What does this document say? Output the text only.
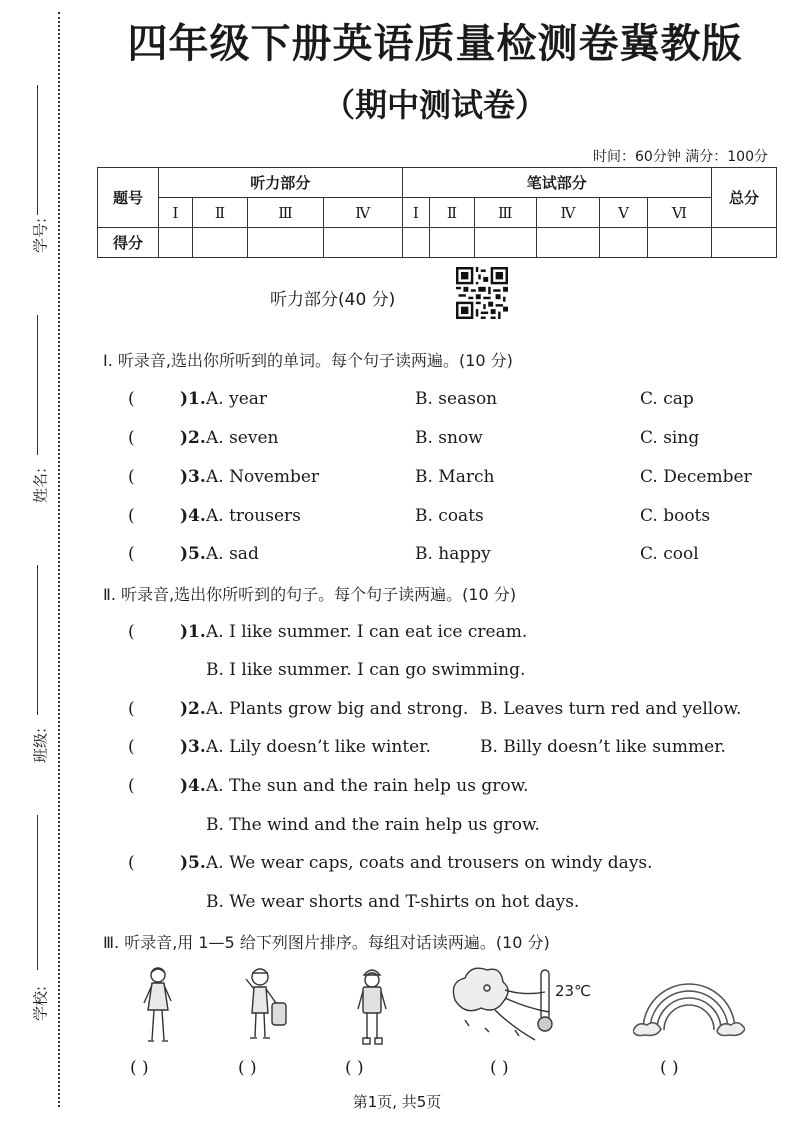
学号:
姓名:
班级:
学校:
四年级下册英语质量检测卷冀教版
（期中测试卷）
时间：60分钟 满分：100分
题号	听力部分				笔试部分						总分
	Ⅰ	Ⅱ	Ⅲ	Ⅳ	Ⅰ	Ⅱ	Ⅲ	Ⅳ	Ⅴ	Ⅵ	
得分											
听力部分(40 分)
Ⅰ. 听录音,选出你所听到的单词。每个句子读两遍。(10 分)
(	)1. A. year	B. season	C. cap
(	)2. A. seven	B. snow	C. sing
(	)3. A. November	B. March	C. December
(	)4. A. trousers	B. coats	C. boots
(	)5. A. sad	B. happy	C. cool
Ⅱ. 听录音,选出你所听到的句子。每个句子读两遍。(10 分)
(	)1. A. I like summer. I can eat ice cream.
B. I like summer. I can go swimming.
(	)2. A. Plants grow big and strong. B. Leaves turn red and yellow.
(	)3. A. Lily doesn’t like winter.	B. Billy doesn’t like summer.
(	)4. A. The sun and the rain help us grow.
B. The wind and the rain help us grow.
(	)5. A. We wear caps, coats and trousers on windy days.
B. We wear shorts and T-shirts on hot days.
Ⅲ. 听录音,用 1—5 给下列图片排序。每组对话读两遍。(10 分)
23℃
( )	( )	( )	( )	( )
第1页, 共5页
